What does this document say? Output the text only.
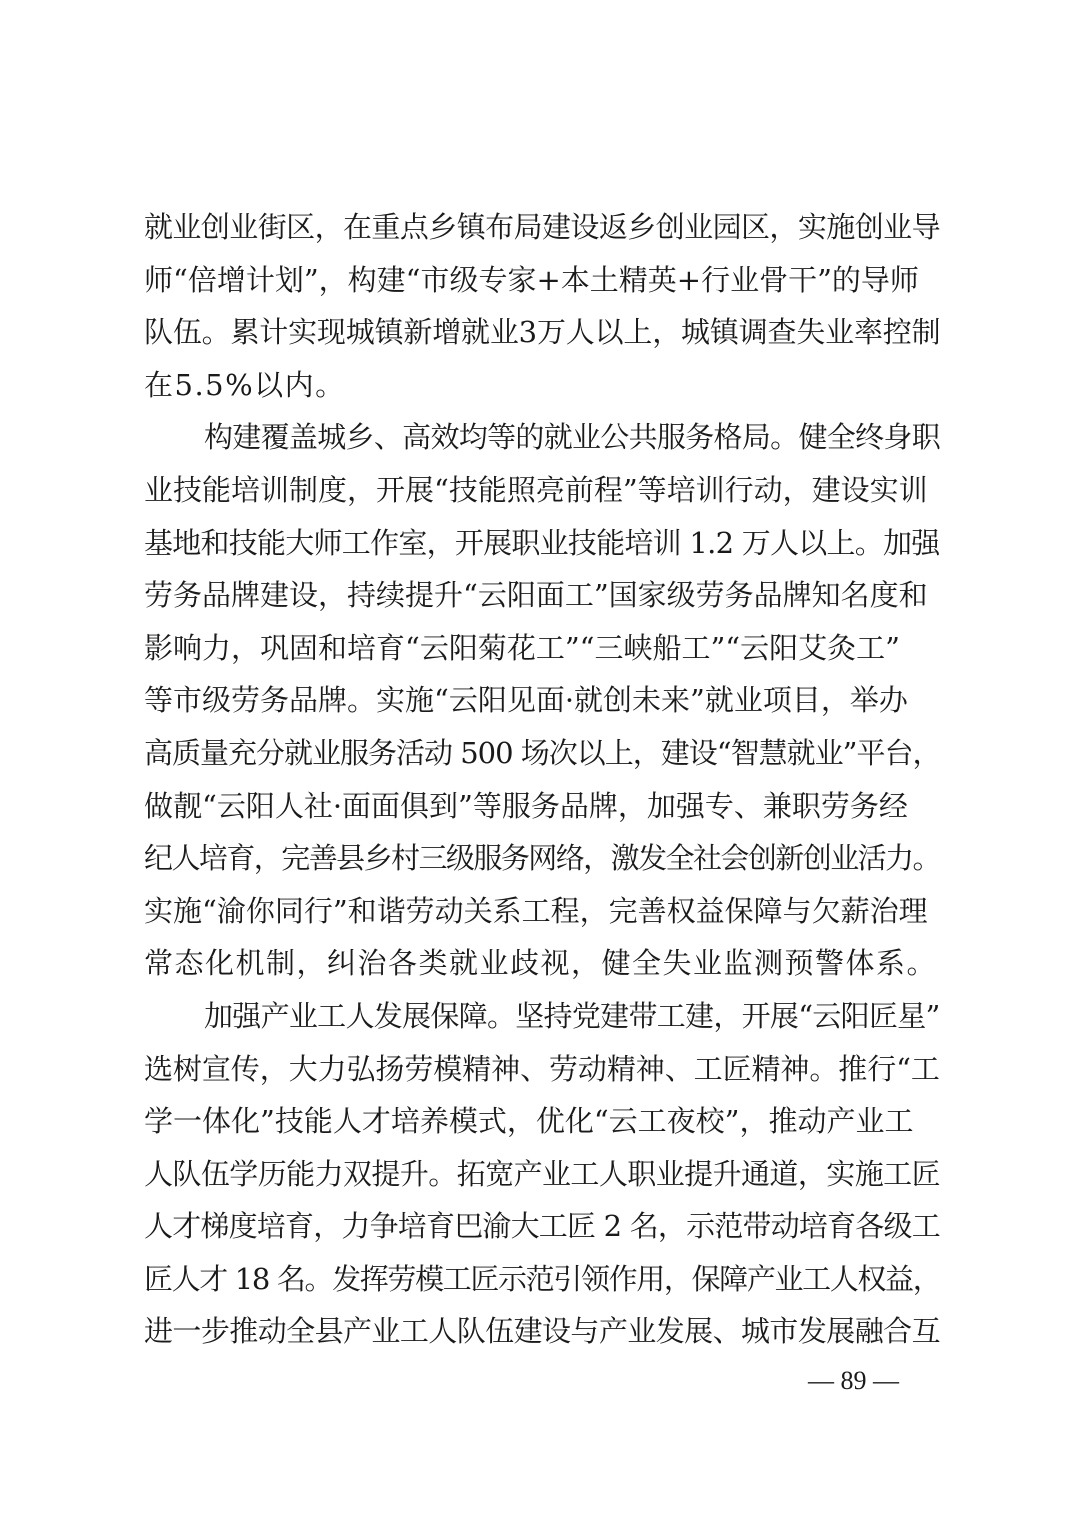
就业创业街区，在重点乡镇布局建设返乡创业园区，实施创业导
师“倍增计划”，构建“市级专家+本土精英+行业骨干”的导师
队伍。累计实现城镇新增就业3万人以上，城镇调查失业率控制
在5.5%以内。
构建覆盖城乡、高效均等的就业公共服务格局。健全终身职
业技能培训制度，开展“技能照亮前程”等培训行动，建设实训
基地和技能大师工作室，开展职业技能培训 1.2 万人以上。加强
劳务品牌建设，持续提升“云阳面工”国家级劳务品牌知名度和
影响力，巩固和培育“云阳菊花工”“三峡船工”“云阳艾灸工”
等市级劳务品牌。实施“云阳见面·就创未来”就业项目，举办
高质量充分就业服务活动 500 场次以上，建设“智慧就业”平台，
做靓“云阳人社·面面俱到”等服务品牌，加强专、兼职劳务经
纪人培育，完善县乡村三级服务网络，激发全社会创新创业活力。
实施“渝你同行”和谐劳动关系工程，完善权益保障与欠薪治理
常态化机制，纠治各类就业歧视，健全失业监测预警体系。
加强产业工人发展保障。坚持党建带工建，开展“云阳匠星”
选树宣传，大力弘扬劳模精神、劳动精神、工匠精神。推行“工
学一体化”技能人才培养模式，优化“云工夜校”，推动产业工
人队伍学历能力双提升。拓宽产业工人职业提升通道，实施工匠
人才梯度培育，力争培育巴渝大工匠 2 名，示范带动培育各级工
匠人才 18 名。发挥劳模工匠示范引领作用，保障产业工人权益，
进一步推动全县产业工人队伍建设与产业发展、城市发展融合互
— 89 —
